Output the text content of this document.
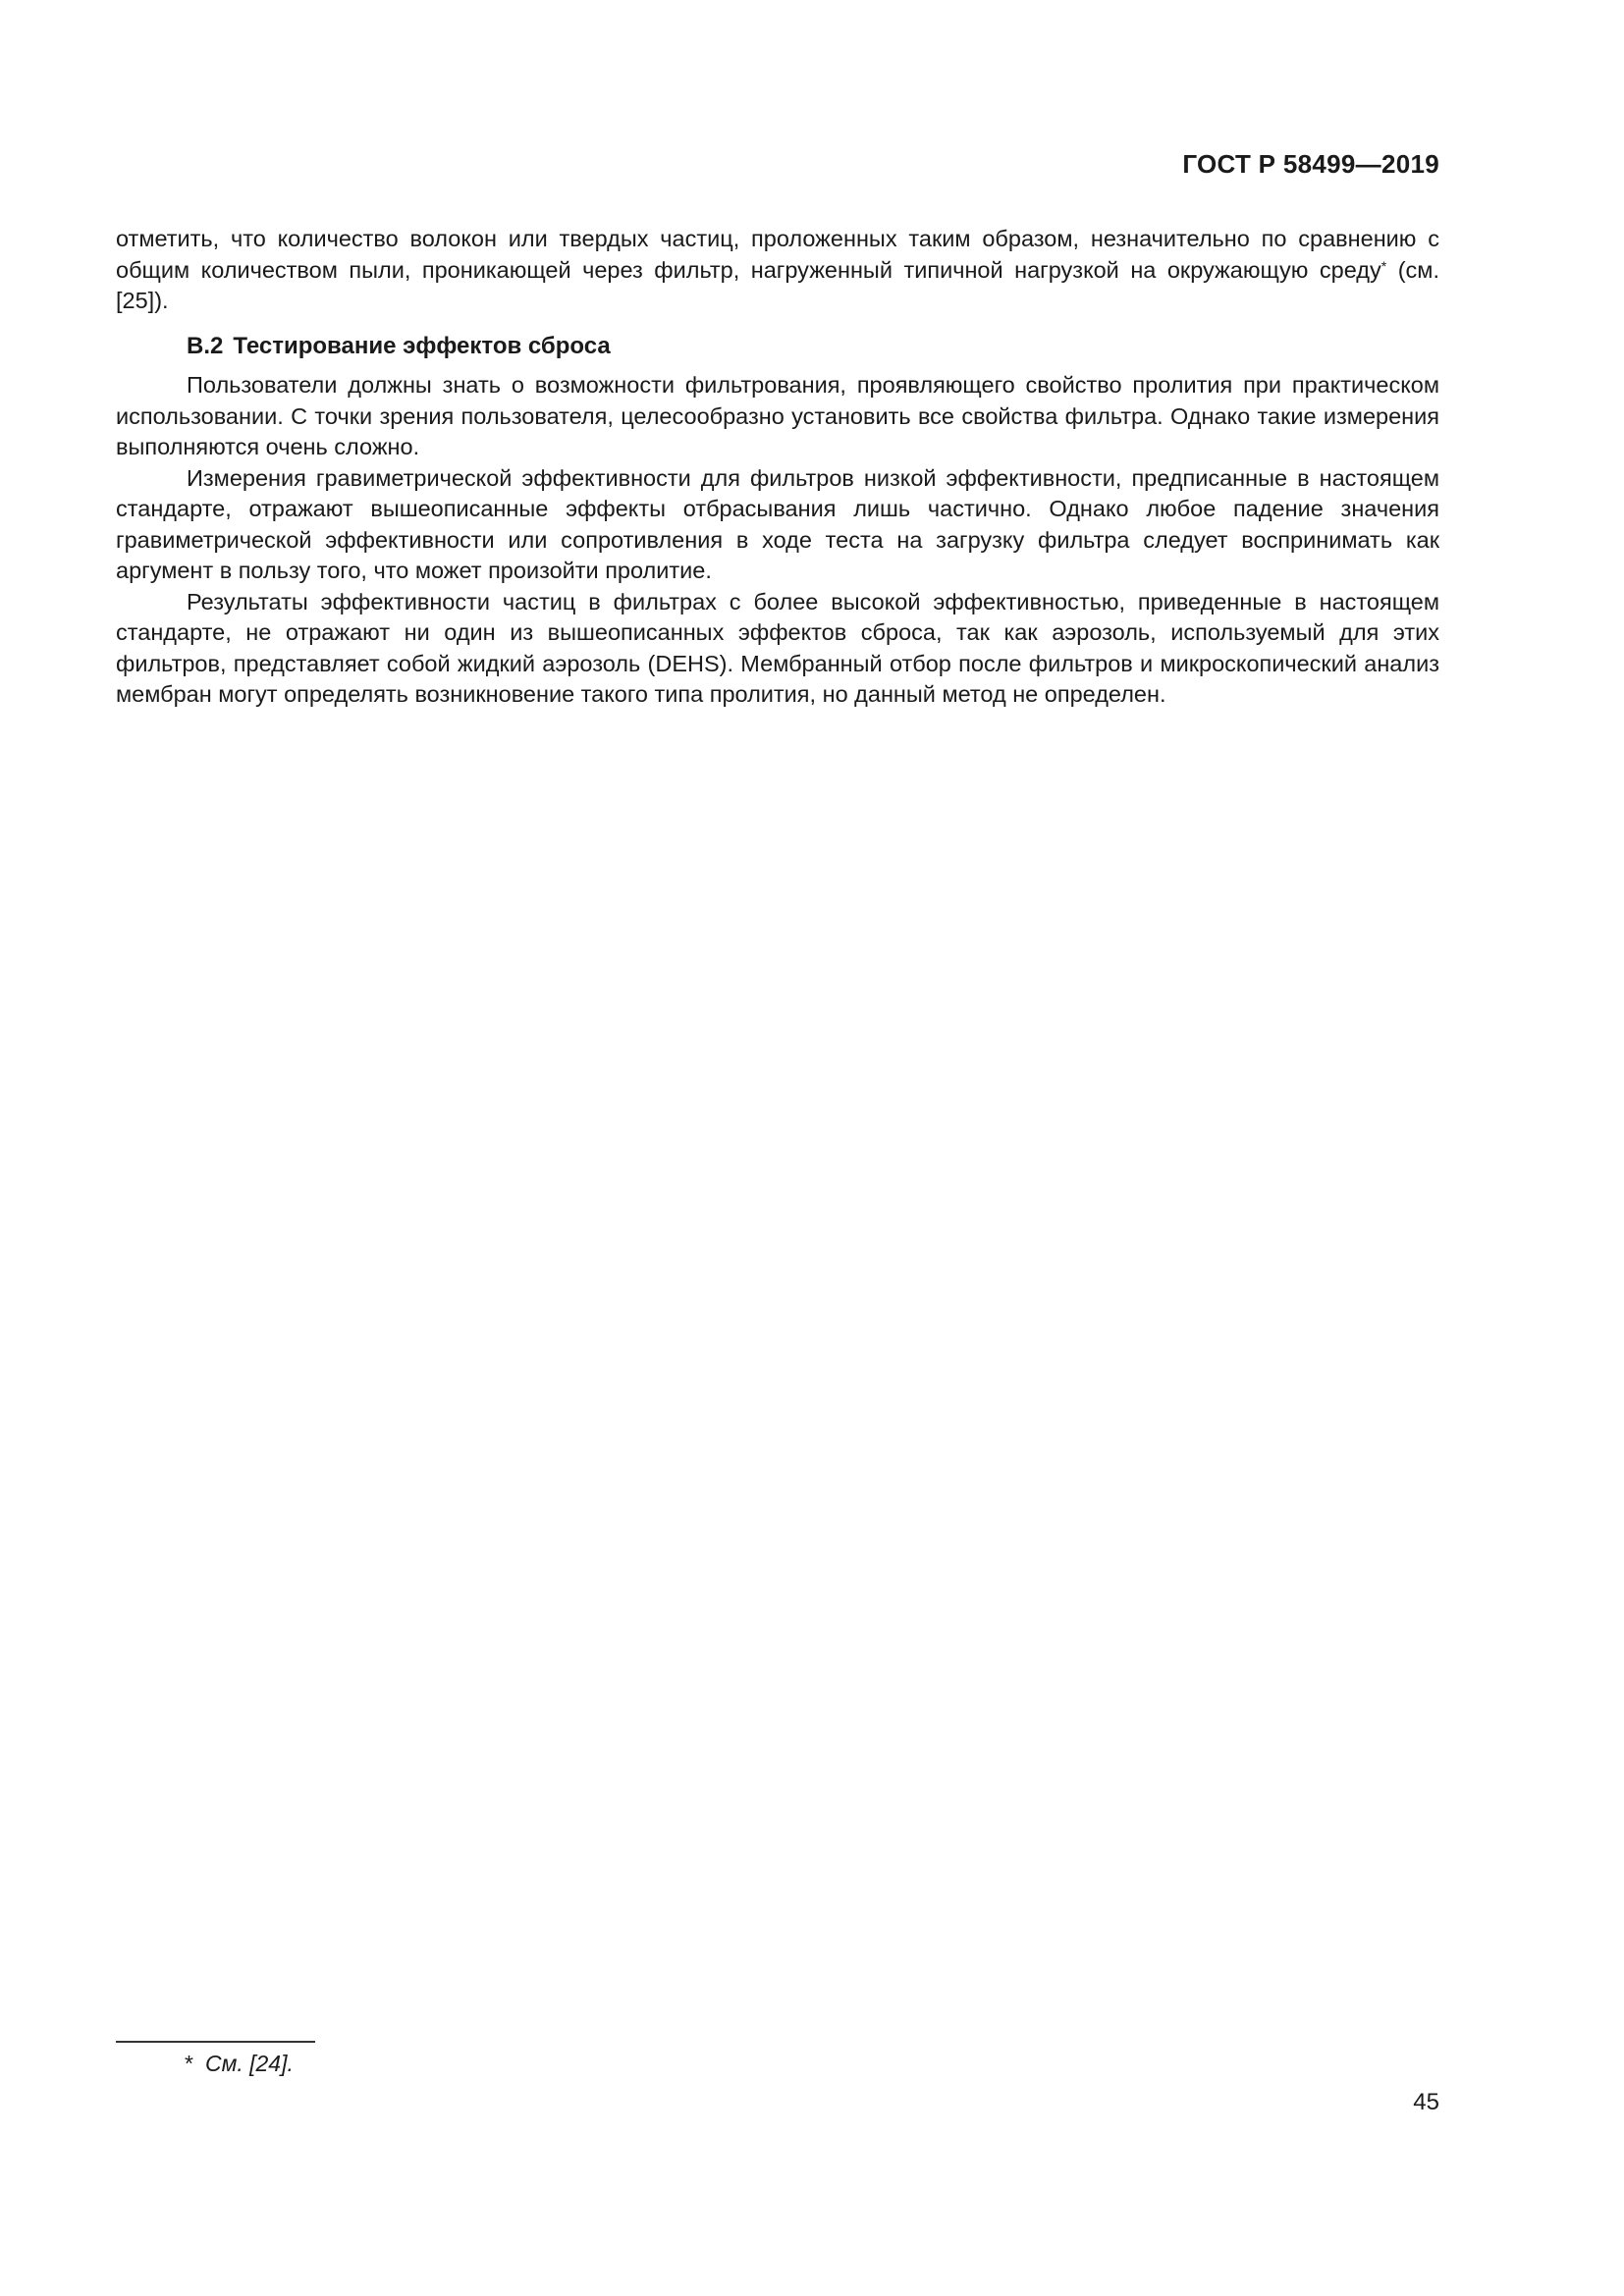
ГОСТ Р 58499—2019

отметить, что количество волокон или твердых частиц, проложенных таким образом, незначительно по сравнению с общим количеством пыли, проникающей через фильтр, нагруженный типичной нагрузкой на окружающую среду* (см. [25]).

В.2 Тестирование эффектов сброса

Пользователи должны знать о возможности фильтрования, проявляющего свойство пролития при практическом использовании. С точки зрения пользователя, целесообразно установить все свойства фильтра. Однако такие измерения выполняются очень сложно.

Измерения гравиметрической эффективности для фильтров низкой эффективности, предписанные в настоящем стандарте, отражают вышеописанные эффекты отбрасывания лишь частично. Однако любое падение значения гравиметрической эффективности или сопротивления в ходе теста на загрузку фильтра следует воспринимать как аргумент в пользу того, что может произойти пролитие.

Результаты эффективности частиц в фильтрах с более высокой эффективностью, приведенные в настоящем стандарте, не отражают ни один из вышеописанных эффектов сброса, так как аэрозоль, используемый для этих фильтров, представляет собой жидкий аэрозоль (DEHS). Мембранный отбор после фильтров и микроскопический анализ мембран могут определять возникновение такого типа пролития, но данный метод не определен.

* См. [24].
45
